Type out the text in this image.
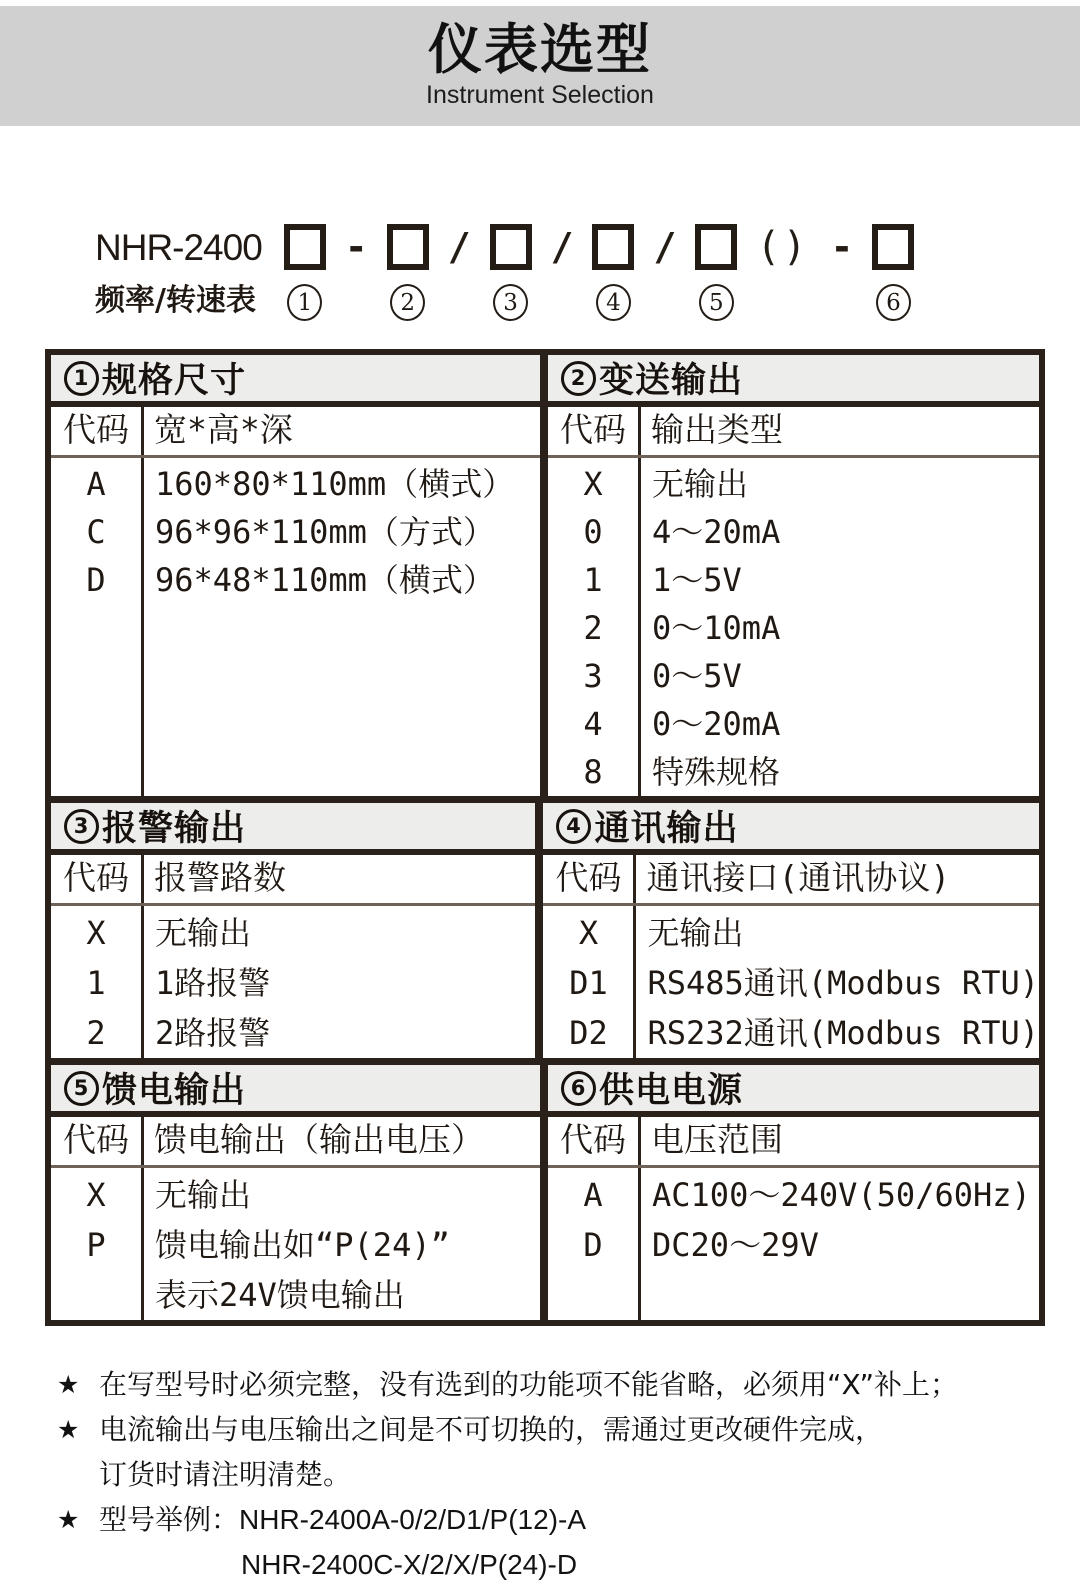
仪表选型
Instrument Selection
NHR-2400
频率/转速表	1
-
2
/
3
/
4
/
5
() -
6
1 规格尺寸
代码 宽*高*深
A
C
D
160*80*110mm（横式）
96*96*110mm（方式）
96*48*110mm（横式）
2 变送输出
代码 输出类型
X
0
1
2
3
4
8
无输出
4～20mA
1～5V
0～10mA
0～5V
0～20mA
特殊规格
3 报警输出
代码 报警路数
X
1
2
无输出
1路报警
2路报警
4 通讯输出
代码 通讯接口(通讯协议)
X
D1
D2
无输出
RS485通讯(Modbus RTU)
RS232通讯(Modbus RTU)
5 馈电输出
代码 馈电输出（输出电压）
X
P
无输出
馈电输出如“P(24)”
表示24V馈电输出
6 供电电源
代码 电压范围
A
D
AC100～240V(50/60Hz)
DC20～29V
★ 在写型号时必须完整，没有选到的功能项不能省略，必须用“X”补上；
★ 电流输出与电压输出之间是不可切换的，需通过更改硬件完成，
订货时请注明清楚。
★ 型号举例：NHR-2400A-0/2/D1/P(12)-A
NHR-2400C-X/2/X/P(24)-D
